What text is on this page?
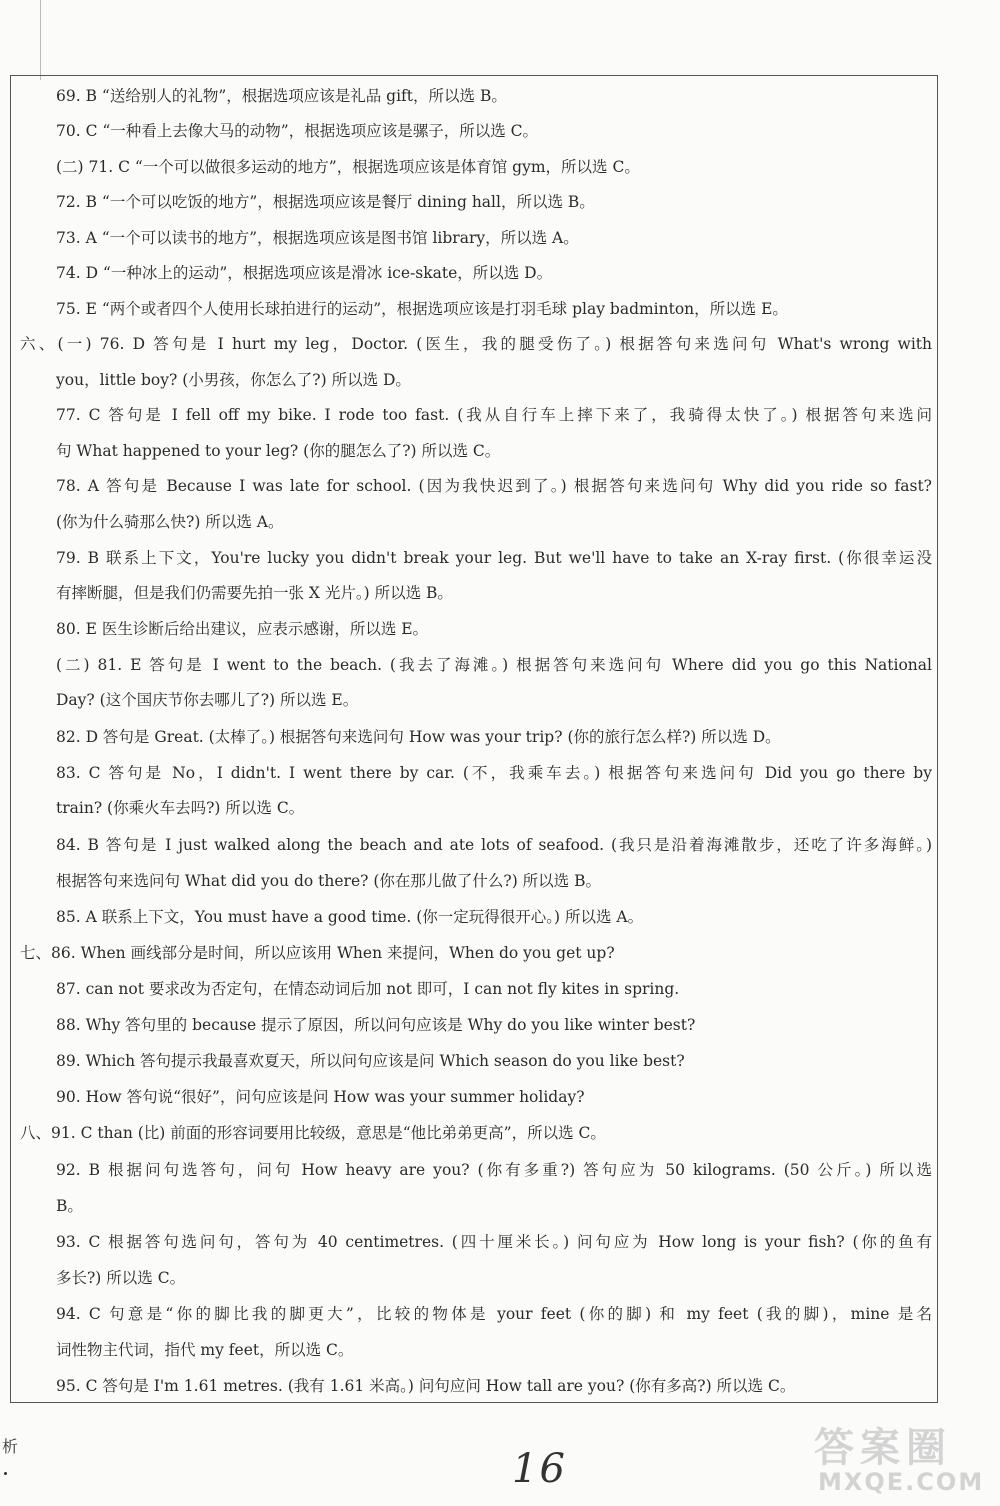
69. B “送给别人的礼物”，根据选项应该是礼品 gift，所以选 B。
70. C “一种看上去像大马的动物”，根据选项应该是骡子，所以选 C。
(二) 71. C “一个可以做很多运动的地方”，根据选项应该是体育馆 gym，所以选 C。
72. B “一个可以吃饭的地方”，根据选项应该是餐厅 dining hall，所以选 B。
73. A “一个可以读书的地方”，根据选项应该是图书馆 library，所以选 A。
74. D “一种冰上的运动”，根据选项应该是滑冰 ice-skate，所以选 D。
75. E “两个或者四个人使用长球拍进行的运动”，根据选项应该是打羽毛球 play badminton，所以选 E。
六、(一) 76. D 答句是 I hurt my leg，Doctor. (医生，我的腿受伤了。) 根据答句来选问句 What's wrong with
you，little boy? (小男孩，你怎么了?) 所以选 D。
77. C 答句是 I fell off my bike. I rode too fast. (我从自行车上摔下来了，我骑得太快了。) 根据答句来选问
句 What happened to your leg? (你的腿怎么了?) 所以选 C。
78. A 答句是 Because I was late for school. (因为我快迟到了。) 根据答句来选问句 Why did you ride so fast?
(你为什么骑那么快?) 所以选 A。
79. B 联系上下文，You're lucky you didn't break your leg. But we'll have to take an X-ray first. (你很幸运没
有摔断腿，但是我们仍需要先拍一张 X 光片。) 所以选 B。
80. E 医生诊断后给出建议，应表示感谢，所以选 E。
(二) 81. E 答句是 I went to the beach. (我去了海滩。) 根据答句来选问句 Where did you go this National
Day? (这个国庆节你去哪儿了?) 所以选 E。
82. D 答句是 Great. (太棒了。) 根据答句来选问句 How was your trip? (你的旅行怎么样?) 所以选 D。
83. C 答句是 No，I didn't. I went there by car. (不，我乘车去。) 根据答句来选问句 Did you go there by
train? (你乘火车去吗?) 所以选 C。
84. B 答句是 I just walked along the beach and ate lots of seafood. (我只是沿着海滩散步，还吃了许多海鲜。)
根据答句来选问句 What did you do there? (你在那儿做了什么?) 所以选 B。
85. A 联系上下文，You must have a good time. (你一定玩得很开心。) 所以选 A。
七、86. When 画线部分是时间，所以应该用 When 来提问，When do you get up?
87. can not 要求改为否定句，在情态动词后加 not 即可，I can not fly kites in spring.
88. Why 答句里的 because 提示了原因，所以问句应该是 Why do you like winter best?
89. Which 答句提示我最喜欢夏天，所以问句应该是问 Which season do you like best?
90. How 答句说“很好”，问句应该是问 How was your summer holiday?
八、91. C than (比) 前面的形容词要用比较级，意思是“他比弟弟更高”，所以选 C。
92. B 根据问句选答句，问句 How heavy are you? (你有多重?) 答句应为 50 kilograms. (50 公斤。) 所以选
B。
93. C 根据答句选问句，答句为 40 centimetres. (四十厘米长。) 问句应为 How long is your fish? (你的鱼有
多长?) 所以选 C。
94. C 句意是“你的脚比我的脚更大”，比较的物体是 your feet (你的脚) 和 my feet (我的脚)，mine 是名
词性物主代词，指代 my feet，所以选 C。
95. C 答句是 I'm 1.61 metres. (我有 1.61 米高。) 问句应问 How tall are you? (你有多高?) 所以选 C。
析	16	答案圈
MXQE.COM
